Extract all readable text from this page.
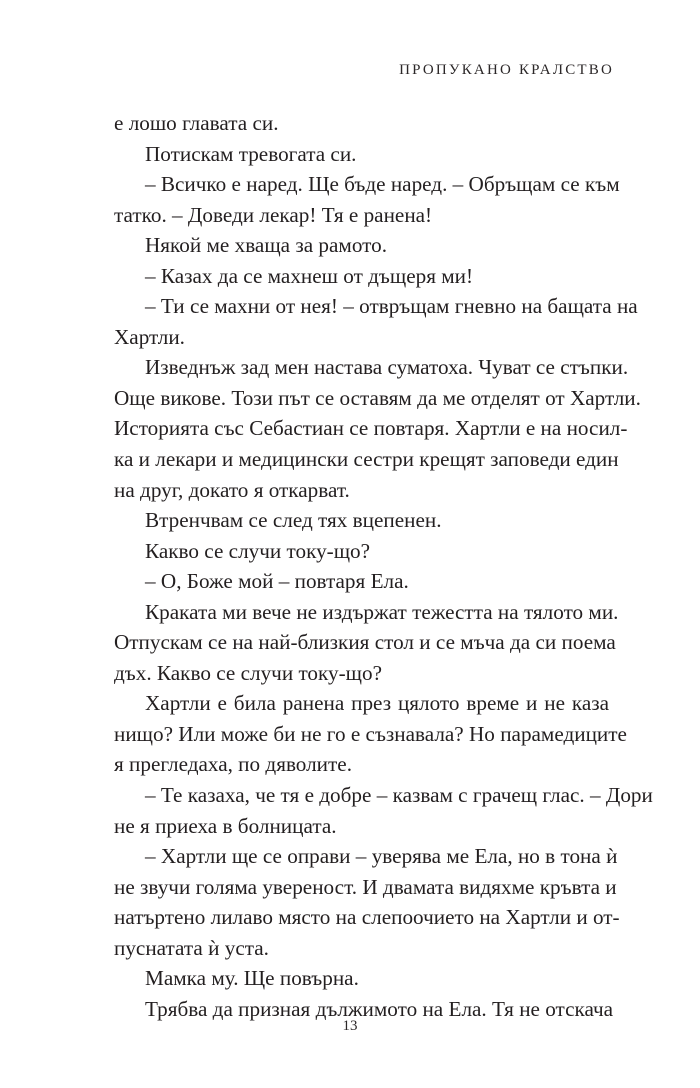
ПРОПУКАНО КРАЛСТВО
е лошо главата си.
Потискам тревогата си.
– Всичко е наред. Ще бъде наред. – Обръщам се към
татко. – Доведи лекар! Тя е ранена!
Някой ме хваща за рамото.
– Казах да се махнеш от дъщеря ми!
– Ти се махни от нея! – отвръщам гневно на бащата на
Хартли.
Изведнъж зад мен настава суматоха. Чуват се стъпки.
Още викове. Този път се оставям да ме отделят от Хартли.
Историята със Себастиан се повтаря. Хартли е на носил-
ка и лекари и медицински сестри крещят заповеди един
на друг, докато я откарват.
Втренчвам се след тях вцепенен.
Какво се случи току-що?
– О, Боже мой – повтаря Ела.
Краката ми вече не издържат тежестта на тялото ми.
Отпускам се на най-близкия стол и се мъча да си поема
дъх. Какво се случи току-що?
Хартли е била ранена през цялото време и не каза
нищо? Или може би не го е съзнавала? Но парамедиците
я прегледаха, по дяволите.
– Те казаха, че тя е добре – казвам с грачещ глас. – Дори
не я приеха в болницата.
– Хартли ще се оправи – уверява ме Ела, но в тона ѝ
не звучи голяма увереност. И двамата видяхме кръвта и
натъртено лилаво място на слепоочието на Хартли и от-
пуснатата ѝ уста.
Мамка му. Ще повърна.
Трябва да призная дължимото на Ела. Тя не отскача
13
